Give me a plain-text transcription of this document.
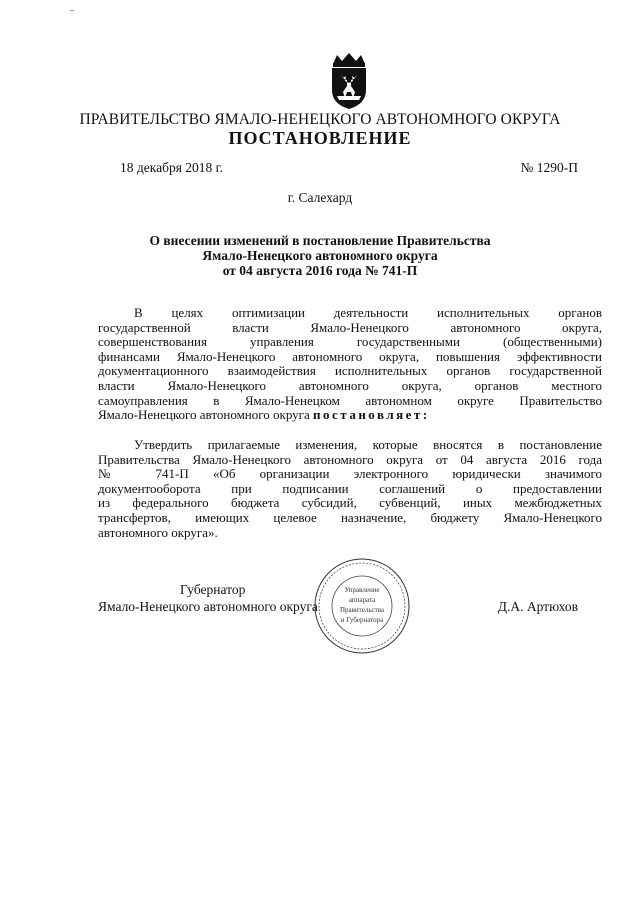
ПРАВИТЕЛЬСТВО ЯМАЛО-НЕНЕЦКОГО АВТОНОМНОГО ОКРУГА
ПОСТАНОВЛЕНИЕ
18 декабря 2018 г.	№ 1290-П
г. Салехард
О внесении изменений в постановление Правительства
Ямало-Ненецкого автономного округа
от 04 августа 2016 года № 741-П
В целях оптимизации деятельности исполнительных органов
государственной власти Ямало-Ненецкого автономного округа,
совершенствования управления государственными (общественными)
финансами Ямало-Ненецкого автономного округа, повышения эффективности
документационного взаимодействия исполнительных органов государственной
власти Ямало-Ненецкого автономного округа, органов местного
самоуправления в Ямало-Ненецком автономном округе Правительство
Ямало-Ненецкого автономного округа постановляет:
Утвердить прилагаемые изменения, которые вносятся в постановление
Правительства Ямало-Ненецкого автономного округа от 04 августа 2016 года
№ 741-П «Об организации электронного юридически значимого
документооборота при подписании соглашений о предоставлении
из федерального бюджета субсидий, субвенций, иных межбюджетных
трансфертов, имеющих целевое назначение, бюджету Ямало-Ненецкого
автономного округа».
Управление
аппарата
Правительства
и Губернатора
Губернатор
Ямало-Ненецкого автономного округа	Д.А. Артюхов
